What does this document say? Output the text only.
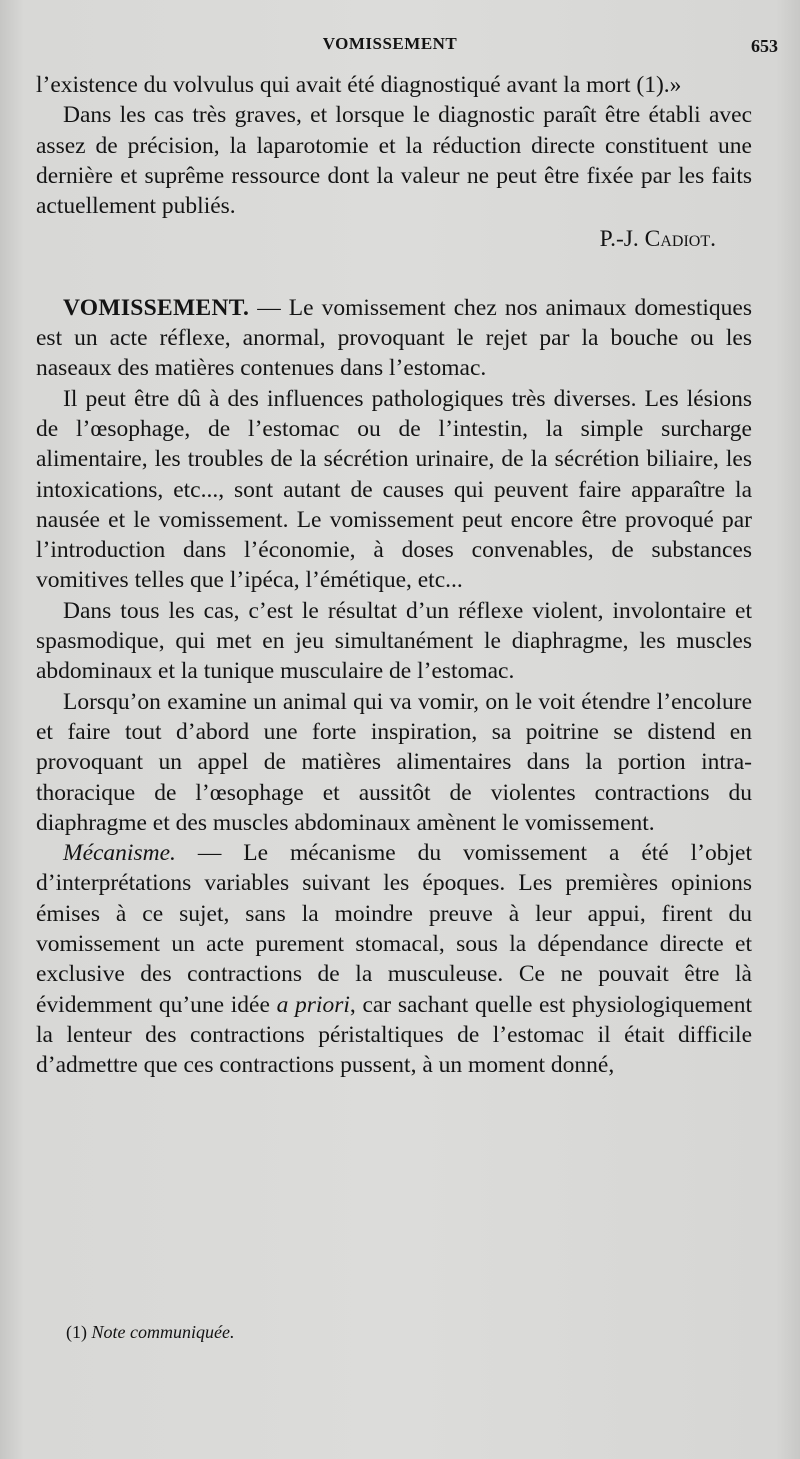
VOMISSEMENT	653

l’existence du volvulus qui avait été diagnostiqué avant la mort (1).»

Dans les cas très graves, et lorsque le diagnostic paraît être établi avec assez de précision, la laparotomie et la réduction directe constituent une dernière et suprême ressource dont la valeur ne peut être fixée par les faits actuellement publiés.

P.-J. Cadiot.

VOMISSEMENT. — Le vomissement chez nos animaux domestiques est un acte réflexe, anormal, provoquant le rejet par la bouche ou les naseaux des matières contenues dans l’estomac.

Il peut être dû à des influences pathologiques très diverses. Les lésions de l’œsophage, de l’estomac ou de l’intestin, la simple surcharge alimentaire, les troubles de la sécrétion urinaire, de la sécrétion biliaire, les intoxications, etc..., sont autant de causes qui peuvent faire apparaître la nausée et le vomissement. Le vomissement peut encore être provoqué par l’introduction dans l’économie, à doses convenables, de substances vomitives telles que l’ipéca, l’émétique, etc...

Dans tous les cas, c’est le résultat d’un réflexe violent, involontaire et spasmodique, qui met en jeu simultanément le diaphragme, les muscles abdominaux et la tunique musculaire de l’estomac.

Lorsqu’on examine un animal qui va vomir, on le voit étendre l’encolure et faire tout d’abord une forte inspiration, sa poitrine se distend en provoquant un appel de matières alimentaires dans la portion intra-thoracique de l’œsophage et aussitôt de violentes contractions du diaphragme et des muscles abdominaux amènent le vomissement.

Mécanisme. — Le mécanisme du vomissement a été l’objet d’interprétations variables suivant les époques. Les premières opinions émises à ce sujet, sans la moindre preuve à leur appui, firent du vomissement un acte purement stomacal, sous la dépendance directe et exclusive des contractions de la musculeuse. Ce ne pouvait être là évidemment qu’une idée a priori, car sachant quelle est physiologiquement la lenteur des contractions péristaltiques de l’estomac il était difficile d’admettre que ces contractions pussent, à un moment donné,

(1) Note communiquée.
